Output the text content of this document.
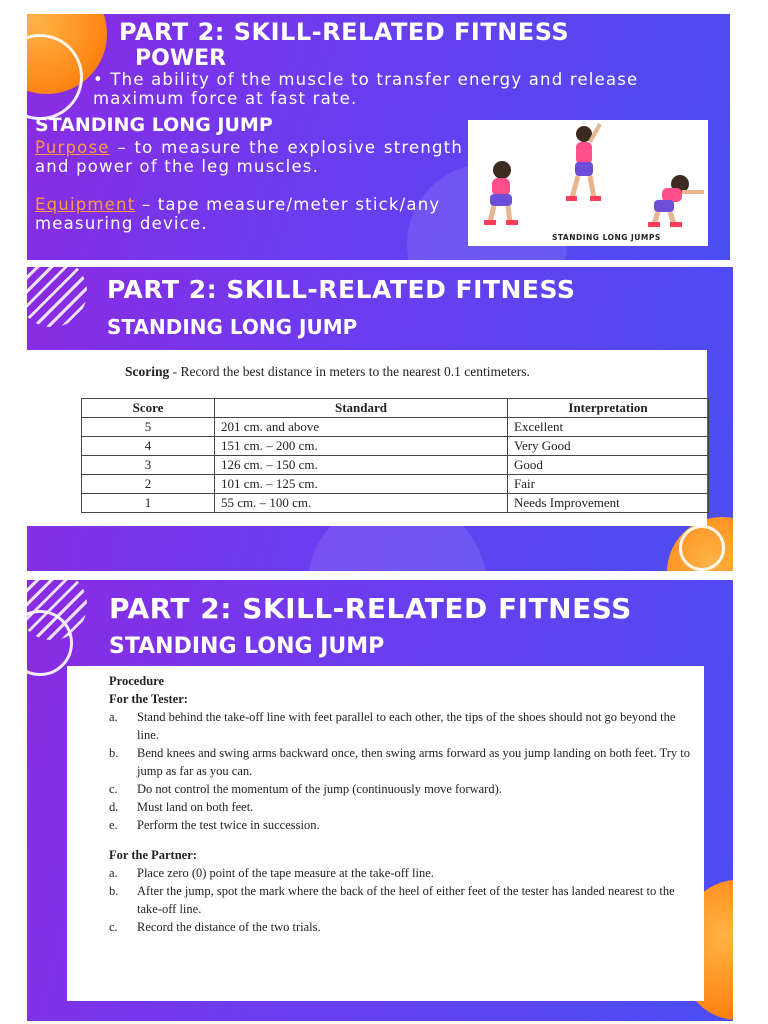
PART 2: SKILL-RELATED FITNESS
POWER
• The ability of the muscle to transfer energy and release maximum force at fast rate.
STANDING LONG JUMP
Purpose – to measure the explosive strength and power of the leg muscles.
Equipment – tape measure/meter stick/any measuring device.
STANDING LONG JUMPS
PART 2: SKILL-RELATED FITNESS
STANDING LONG JUMP
Scoring - Record the best distance in meters to the nearest 0.1 centimeters.
Score	Standard	Interpretation
5	201 cm. and above	Excellent
4	151 cm. – 200 cm.	Very Good
3	126 cm. – 150 cm.	Good
2	101 cm. – 125 cm.	Fair
1	55 cm. – 100 cm.	Needs Improvement
PART 2: SKILL-RELATED FITNESS
STANDING LONG JUMP
Procedure
For the Tester:
a.	Stand behind the take-off line with feet parallel to each other, the tips of the shoes should not go beyond the line.
b.	Bend knees and swing arms backward once, then swing arms forward as you jump landing on both feet. Try to jump as far as you can.
c.	Do not control the momentum of the jump (continuously move forward).
d.	Must land on both feet.
e.	Perform the test twice in succession.
For the Partner:
a.	Place zero (0) point of the tape measure at the take-off line.
b.	After the jump, spot the mark where the back of the heel of either feet of the tester has landed nearest to the take-off line.
c.	Record the distance of the two trials.
